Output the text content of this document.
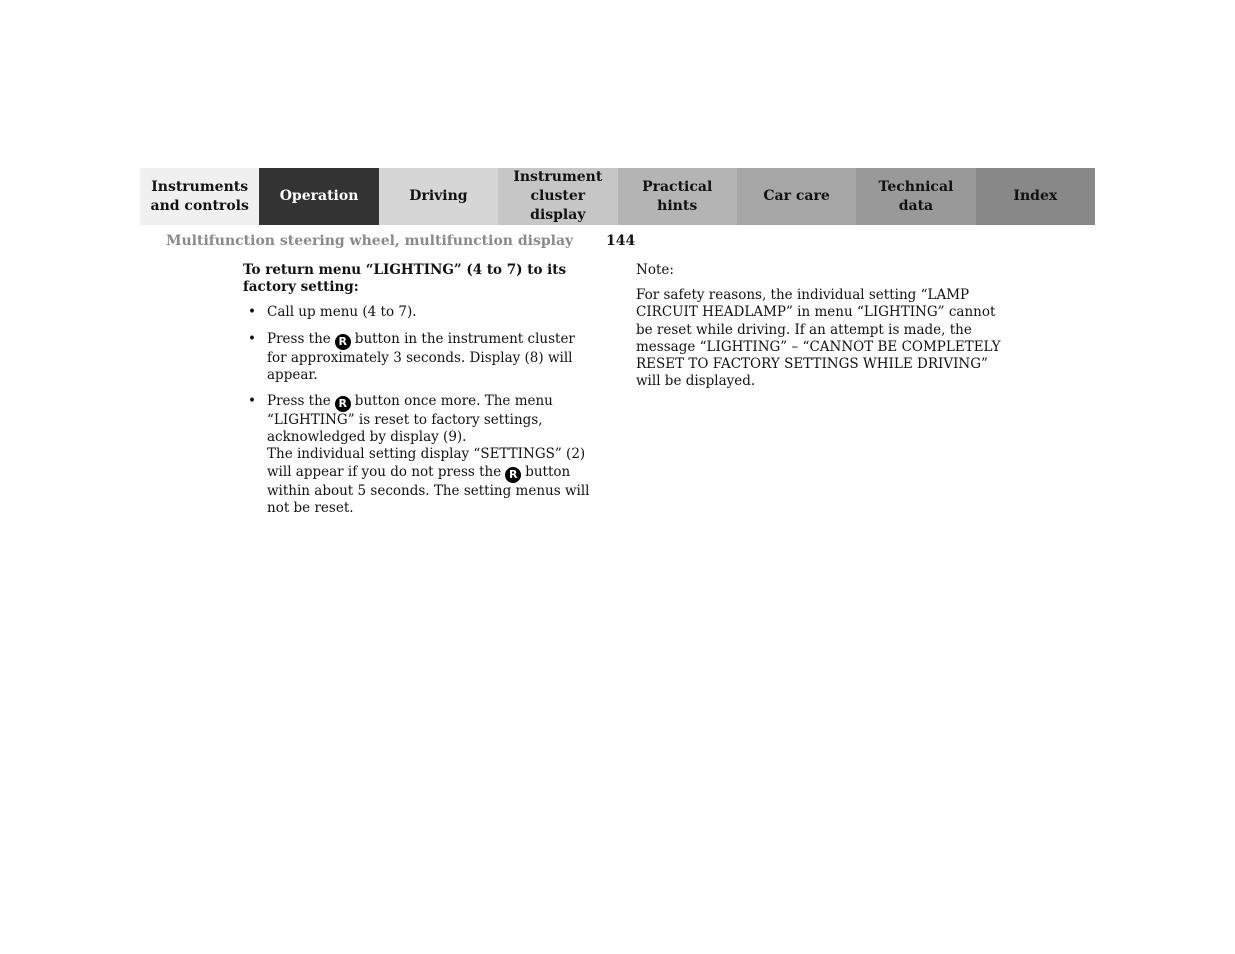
Instruments
and controls
Operation	Driving
Instrument
cluster display
Practical hints
Car care
Technical
data
Index
Multifunction steering wheel, multifunction display 144
To return menu “LIGHTING” (4 to 7) to its factory setting:
• Call up menu (4 to 7).
• Press the R button in the instrument cluster for approximately 3 seconds. Display (8) will appear.
• Press the R button once more. The menu “LIGHTING” is reset to factory settings, acknowledged by display (9).
The individual setting display “SETTINGS” (2) will appear if you do not press the R button within about 5 seconds. The setting menus will not be reset.

Note:

For safety reasons, the individual setting “LAMP CIRCUIT HEADLAMP” in menu “LIGHTING” cannot be reset while driving. If an attempt is made, the message “LIGHTING” – “CANNOT BE COMPLETELY RESET TO FACTORY SETTINGS WHILE DRIVING” will be displayed.
